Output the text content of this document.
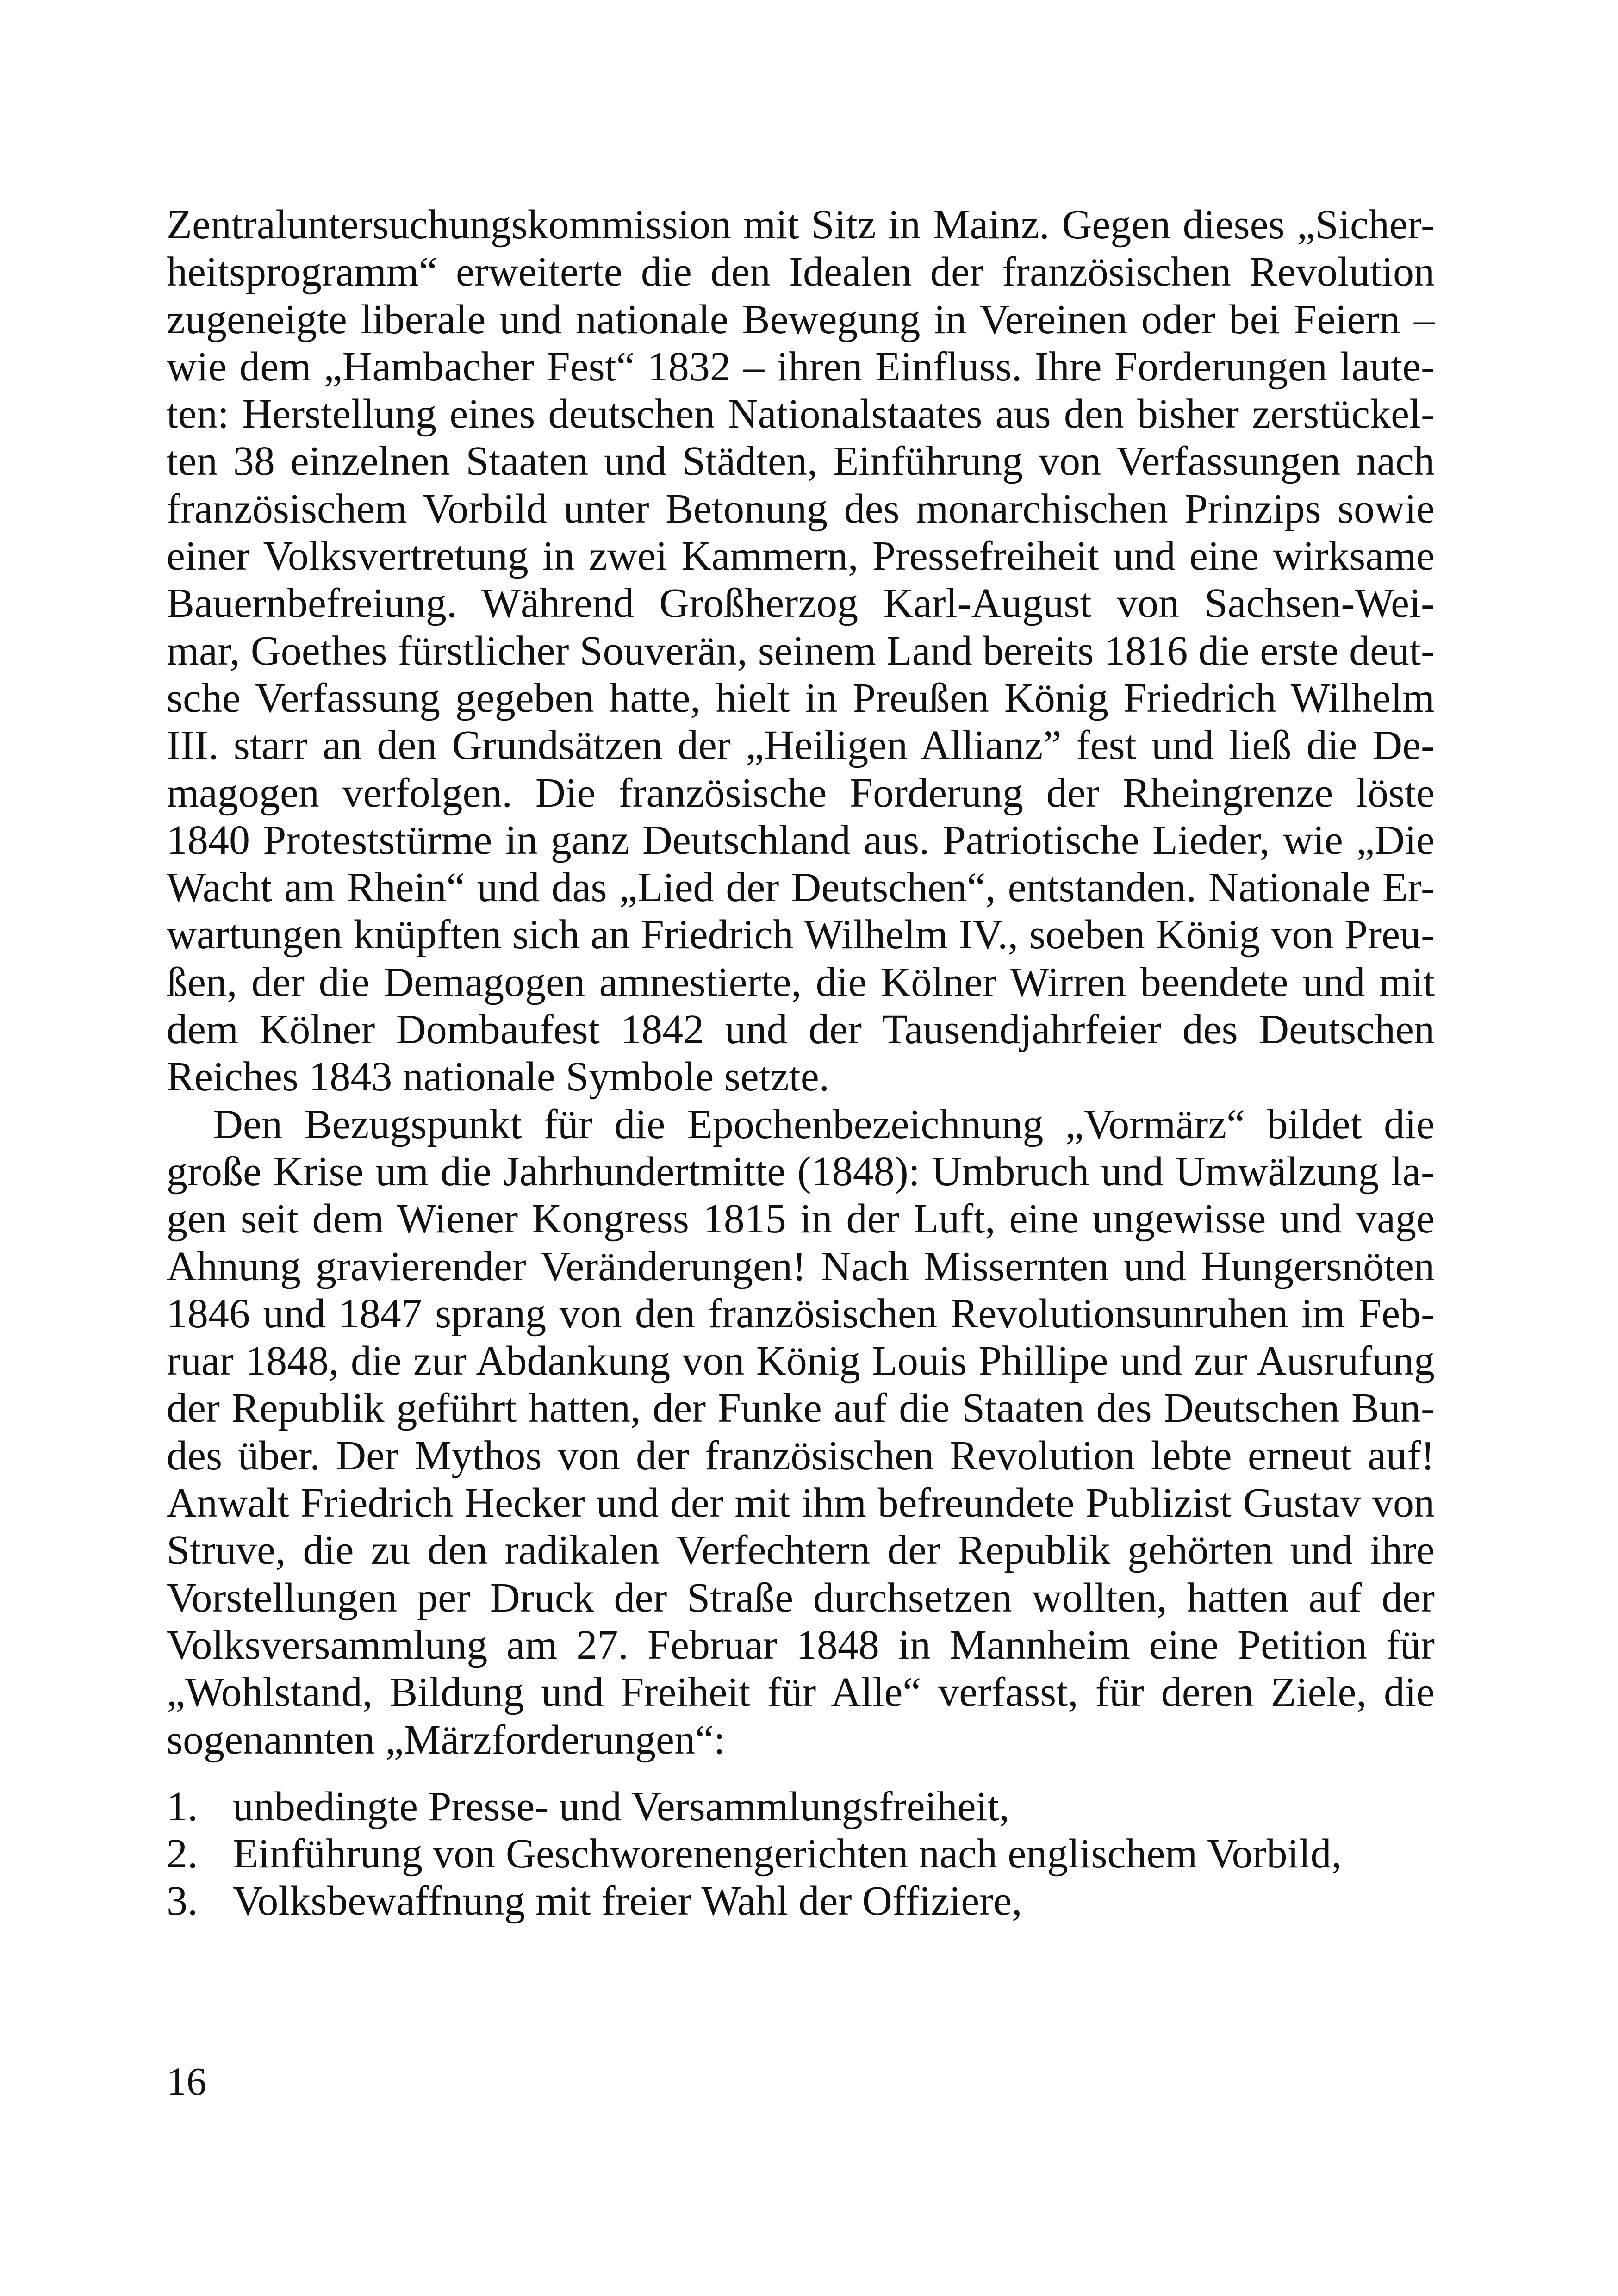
Zentraluntersuchungskommission mit Sitz in Mainz. Gegen dieses „Sicher-
heitsprogramm“ erweiterte die den Idealen der französischen Revolution
zugeneigte liberale und nationale Bewegung in Vereinen oder bei Feiern –
wie dem „Hambacher Fest“ 1832 – ihren Einfluss. Ihre Forderungen laute-
ten: Herstellung eines deutschen Nationalstaates aus den bisher zerstückel-
ten 38 einzelnen Staaten und Städten, Einführung von Verfassungen nach
französischem Vorbild unter Betonung des monarchischen Prinzips sowie
einer Volksvertretung in zwei Kammern, Pressefreiheit und eine wirksame
Bauernbefreiung. Während Großherzog Karl-August von Sachsen-Wei-
mar, Goethes fürstlicher Souverän, seinem Land bereits 1816 die erste deut-
sche Verfassung gegeben hatte, hielt in Preußen König Friedrich Wilhelm
III. starr an den Grundsätzen der „Heiligen Allianz” fest und ließ die De-
magogen verfolgen. Die französische Forderung der Rheingrenze löste
1840 Proteststürme in ganz Deutschland aus. Patriotische Lieder, wie „Die
Wacht am Rhein“ und das „Lied der Deutschen“, entstanden. Nationale Er-
wartungen knüpften sich an Friedrich Wilhelm IV., soeben König von Preu-
ßen, der die Demagogen amnestierte, die Kölner Wirren beendete und mit
dem Kölner Dombaufest 1842 und der Tausendjahrfeier des Deutschen
Reiches 1843 nationale Symbole setzte.

Den Bezugspunkt für die Epochenbezeichnung „Vormärz“ bildet die
große Krise um die Jahrhundertmitte (1848): Umbruch und Umwälzung la-
gen seit dem Wiener Kongress 1815 in der Luft, eine ungewisse und vage
Ahnung gravierender Veränderungen! Nach Missernten und Hungersnöten
1846 und 1847 sprang von den französischen Revolutionsunruhen im Feb-
ruar 1848, die zur Abdankung von König Louis Phillipe und zur Ausrufung
der Republik geführt hatten, der Funke auf die Staaten des Deutschen Bun-
des über. Der Mythos von der französischen Revolution lebte erneut auf!
Anwalt Friedrich Hecker und der mit ihm befreundete Publizist Gustav von
Struve, die zu den radikalen Verfechtern der Republik gehörten und ihre
Vorstellungen per Druck der Straße durchsetzen wollten, hatten auf der
Volksversammlung am 27. Februar 1848 in Mannheim eine Petition für
„Wohlstand, Bildung und Freiheit für Alle“ verfasst, für deren Ziele, die
sogenannten „Märzforderungen“:

1. unbedingte Presse- und Versammlungsfreiheit,
2. Einführung von Geschworenengerichten nach englischem Vorbild,
3. Volksbewaffnung mit freier Wahl der Offiziere,
16
